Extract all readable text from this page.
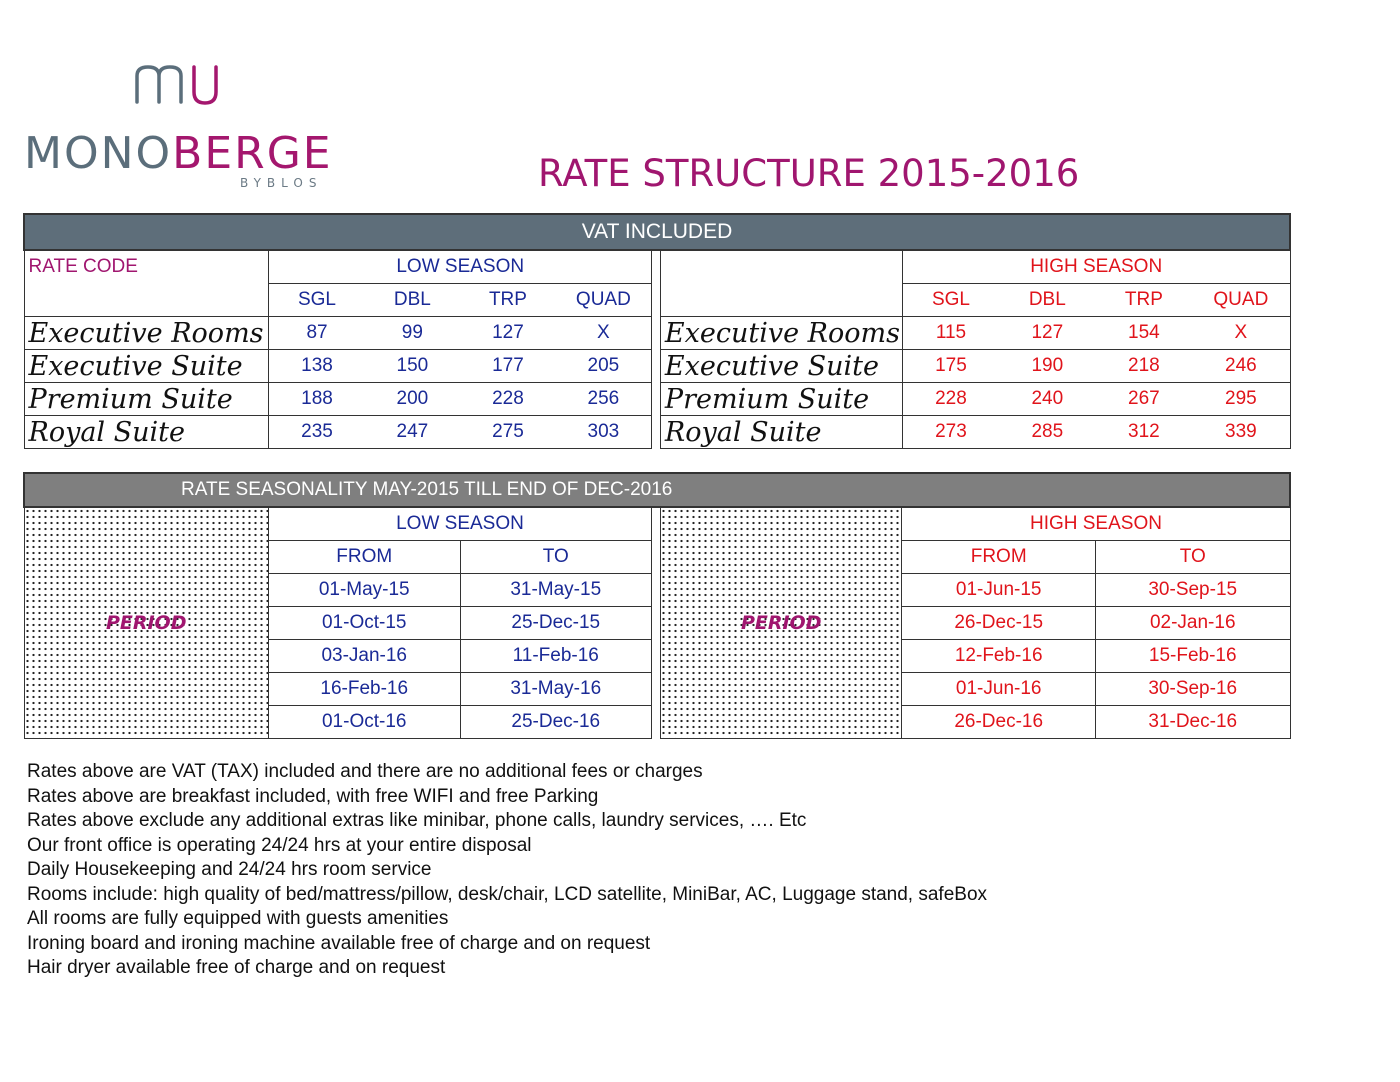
MONOBERGE
BYBLOS	RATE STRUCTURE 2015-2016
VAT INCLUDED										
RATE CODE	LOW SEASON						HIGH SEASON			
	SGL	DBL	TRP	QUAD			SGL	DBL	TRP	QUAD
Executive Rooms	87	99	127	X		Executive Rooms	115	127	154	X
Executive Suite	138	150	177	205		Executive Suite	175	190	218	246
Premium Suite	188	200	228	256		Premium Suite	228	240	267	295
Royal Suite	235	247	275	303		Royal Suite	273	285	312	339
RATE SEASONALITY MAY-2015 TILL END OF DEC-2016						

PERIOD	LOW SEASON			PERIOD	HIGH SEASON	
	FROM	TO			FROM	TO
	01-May-15	31-May-15			01-Jun-15	30-Sep-15
	01-Oct-15	25-Dec-15			26-Dec-15	02-Jan-16
	03-Jan-16	11-Feb-16			12-Feb-16	15-Feb-16
	16-Feb-16	31-May-16			01-Jun-16	30-Sep-16
	01-Oct-16	25-Dec-16			26-Dec-16	31-Dec-16
Rates above are VAT (TAX) included and there are no additional fees or charges
Rates above are breakfast included, with free WIFI and free Parking
Rates above exclude any additional extras like minibar, phone calls, laundry services, …. Etc
Our front office is operating 24/24 hrs at your entire disposal
Daily Housekeeping and 24/24 hrs room service
Rooms include: high quality of bed/mattress/pillow, desk/chair, LCD satellite, MiniBar, AC, Luggage stand, safeBox
All rooms are fully equipped with guests amenities
Ironing board and ironing machine available free of charge and on request
Hair dryer available free of charge and on request
